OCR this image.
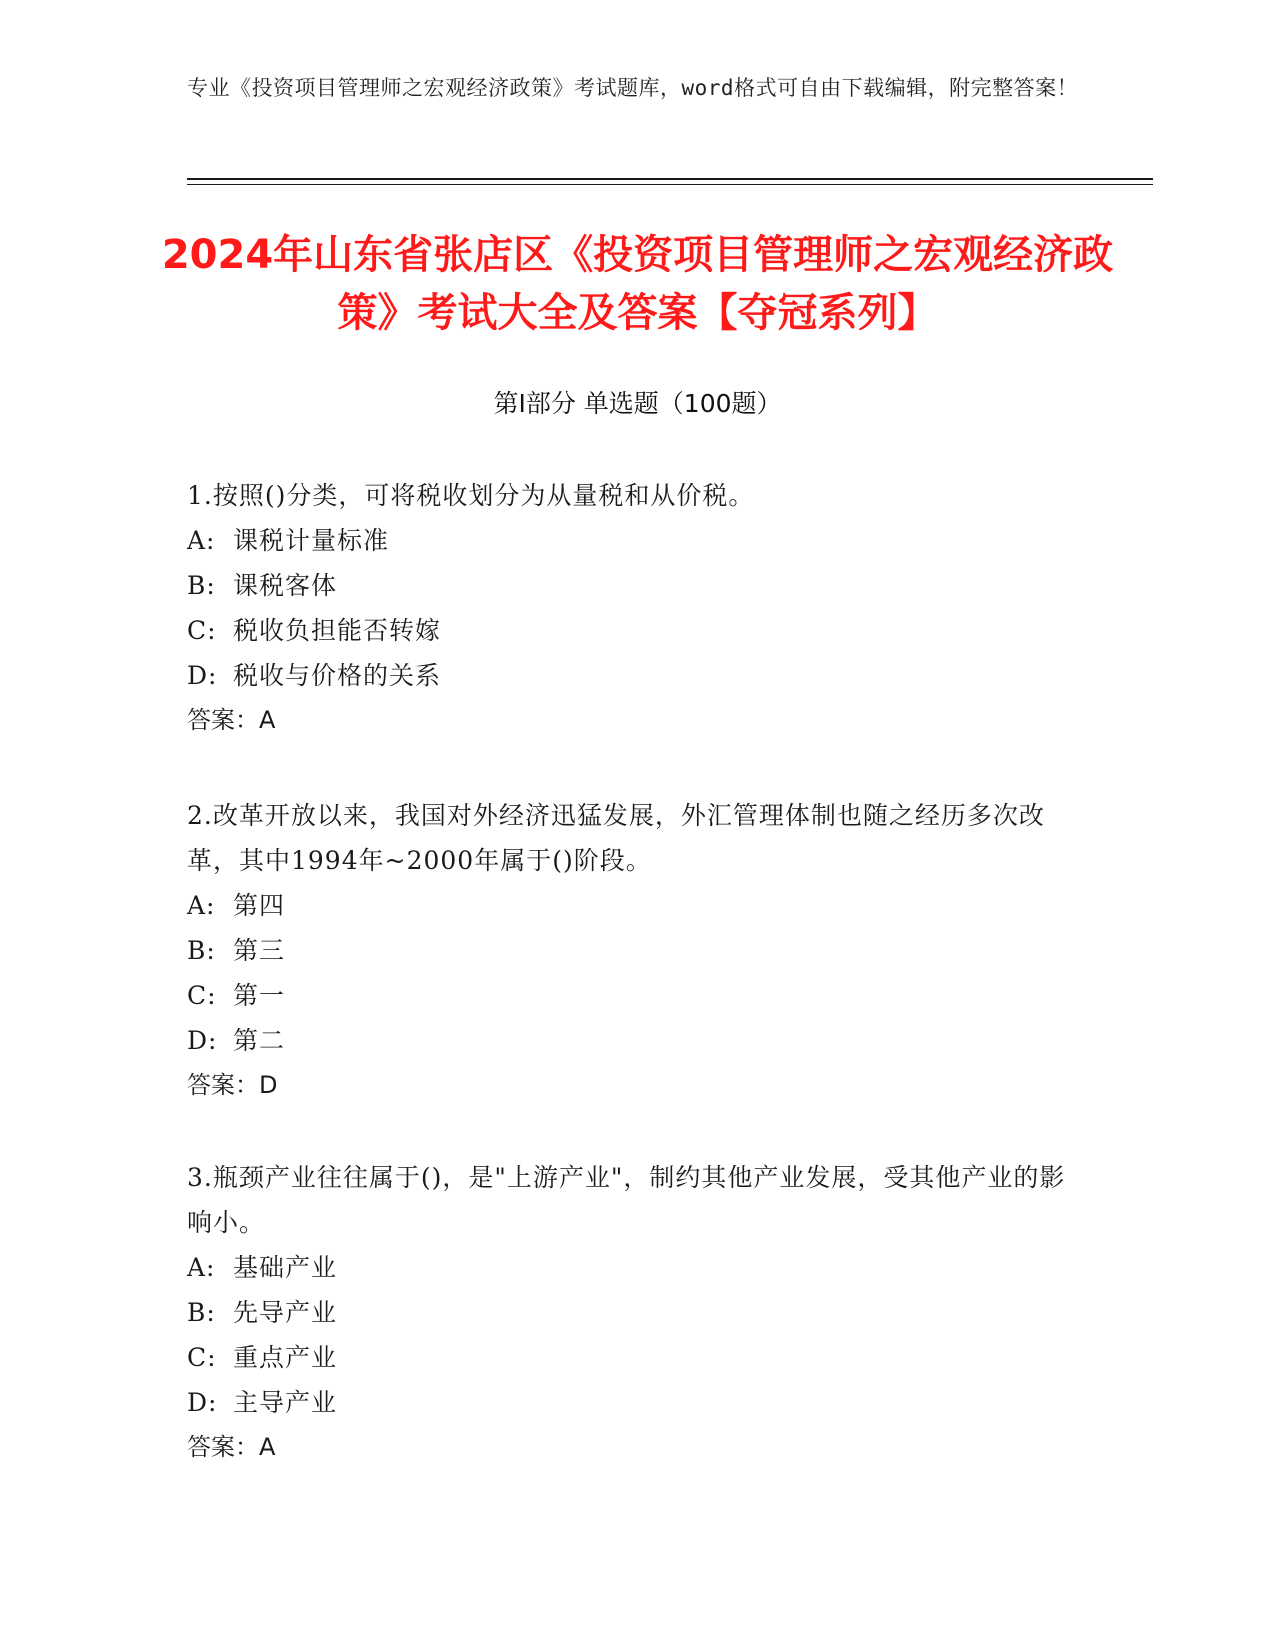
专业《投资项目管理师之宏观经济政策》考试题库，word格式可自由下载编辑，附完整答案！
2024年山东省张店区《投资项目管理师之宏观经济政策》考试大全及答案【夺冠系列】
第Ⅰ部分 单选题（100题）
1.按照()分类，可将税收划分为从量税和从价税。
A: 课税计量标准
B: 课税客体
C: 税收负担能否转嫁
D: 税收与价格的关系
答案：A
2.改革开放以来，我国对外经济迅猛发展，外汇管理体制也随之经历多次改革，其中1994年~2000年属于()阶段。
A: 第四
B: 第三
C: 第一
D: 第二
答案：D
3.瓶颈产业往往属于()，是"上游产业"，制约其他产业发展，受其他产业的影响小。
A: 基础产业
B: 先导产业
C: 重点产业
D: 主导产业
答案：A
